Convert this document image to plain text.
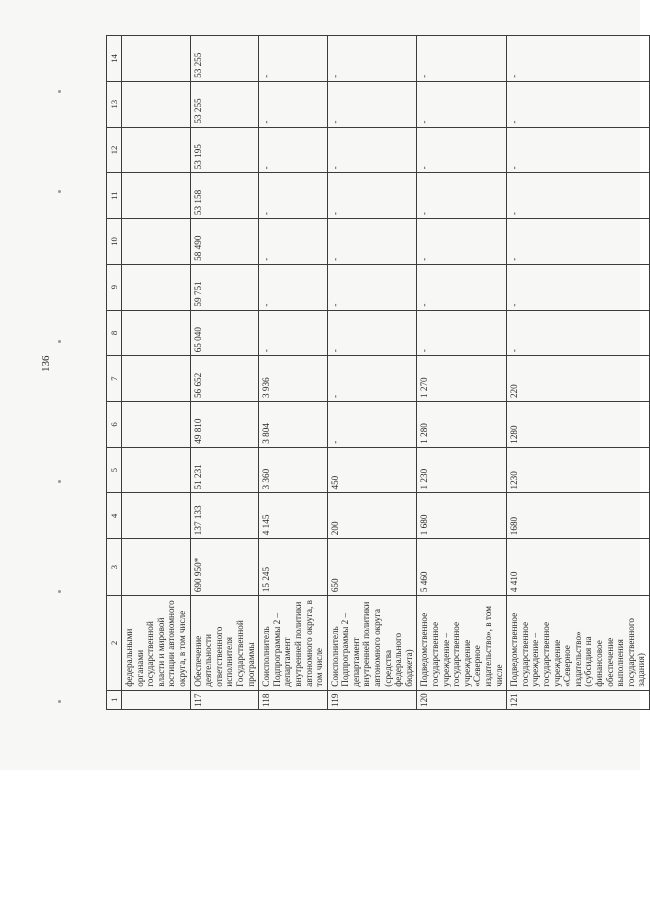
136
1	2	3	4	5	6	7	8	9	10	11	12	13	14
	федеральными органами государственной власти и мировой юстиции автономного округа, в том числе												
117	Обеспечение деятельности ответственного исполнителя Государственной программы	690 950*	137 133	51 231	49 810	56 652	65 040	59 751	58 490	53 158	53 195	53 255	53 255
118	Соисполнитель Подпрограммы 2 – департамент внутренней политики автономного округа, в том числе	15 245	4 145	3 360	3 804	3 936	-	-	-	-	-	-	-
119	Соисполнитель Подпрограммы 2 – департамент внутренней политики автономного округа (средства федерального бюджета)	650	200	450	-	-	-	-	-	-	-	-	-
120	Подведомственное государственное учреждение – государственное учреждение «Северное издательство», в том числе	5 460	1 680	1 230	1 280	1 270	-	-	-	-	-	-	-
121	Подведомственное государственное учреждение – государственное учреждение «Северное издательство» (субсидия на финансовое обеспечение выполнения государственного задания)	4 410	1680	1230	1280	220	-	-	-	-	-	-	-
